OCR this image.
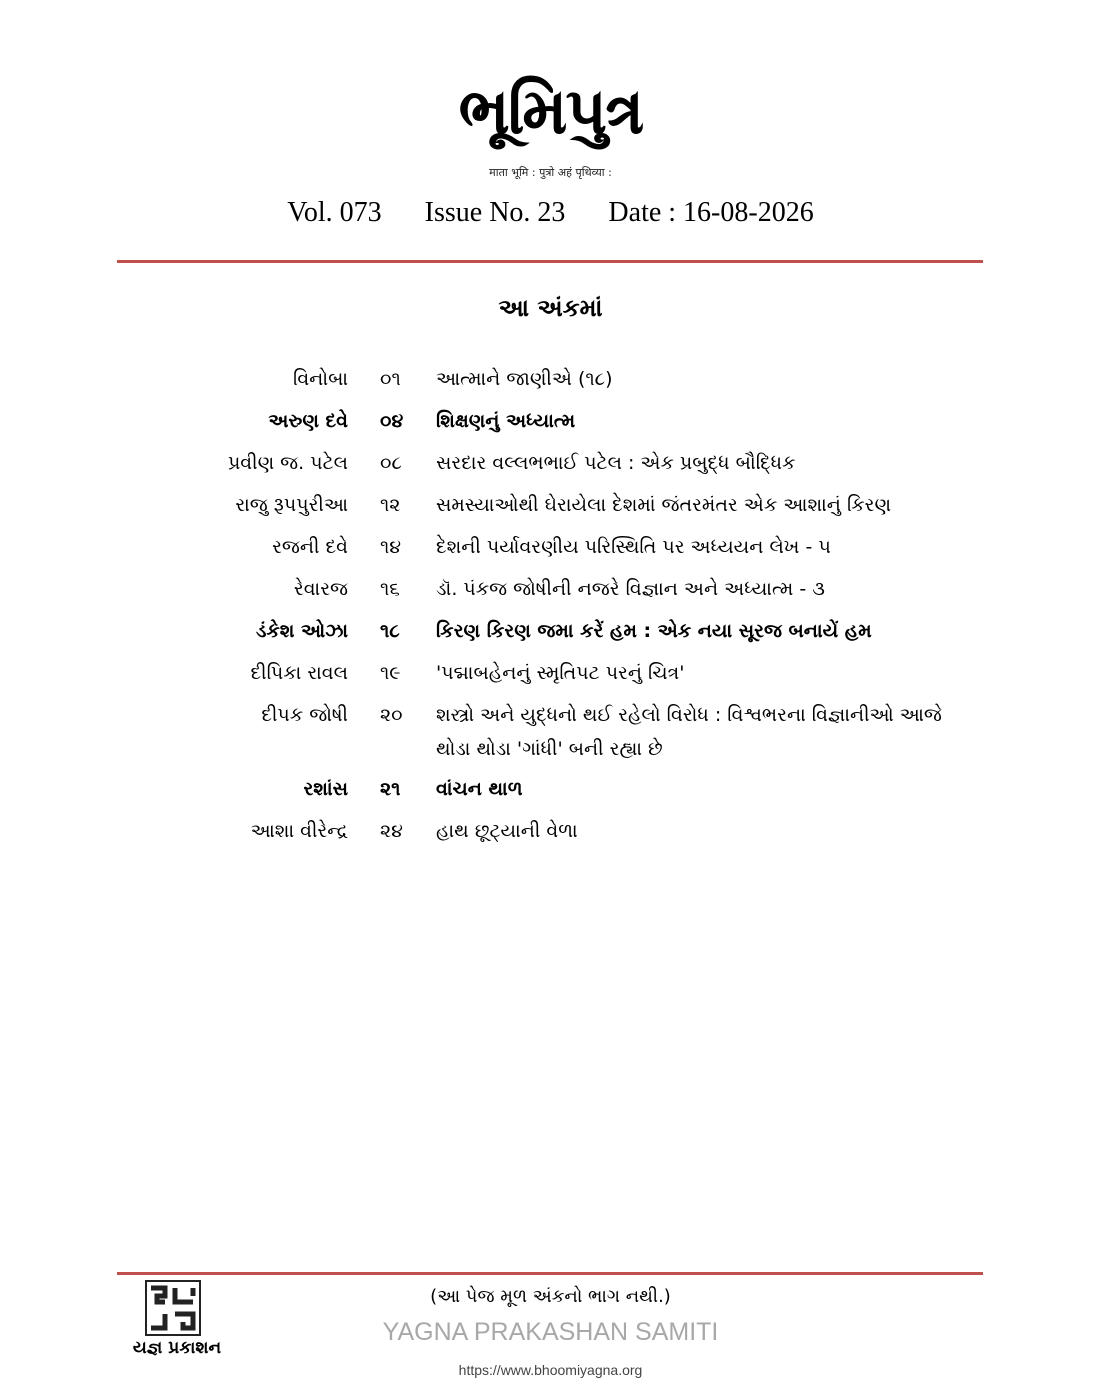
ભૂમિપુત્ર
माता भूमि : पुत्रो अहं पृथिव्या :
Vol. 073 Issue No. 23 Date : 16-08-2026
આ અંકમાં
વિનોબા ૦૧	આત્માને જાણીએ (૧૮)
અરુણ દવે ૦૪	શિક્ષણનું અધ્યાત્મ
પ્રવીણ જ. પટેલ ૦૮	સરદાર વલ્લભભાઈ પટેલ : એક પ્રબુદ્ધ બૌદ્ધિક
રાજુ રૂપપુરીઆ ૧૨	સમસ્યાઓથી ઘેરાયેલા દેશમાં જંતરમંતર એક આશાનું કિરણ
રજની દવે ૧૪	દેશની પર્યાવરણીય પરિસ્થિતિ પર અધ્યયન લેખ - ૫
રેવારજ ૧૬	ડૉ. પંકજ જોષીની નજરે વિજ્ઞાન અને અધ્યાત્મ - ૩
ડંકેશ ઓઝા ૧૮	કિરણ કિરણ જમા કરેં હમ : એક નયા સૂરજ બનાયેં હમ
દીપિકા રાવલ ૧૯	'પદ્માબહેનનું સ્મૃતિપટ પરનું ચિત્ર'
દીપક જોષી ૨૦	શસ્ત્રો અને યુદ્ધનો થઈ રહેલો વિરોધ : વિશ્વભરના વિજ્ઞાનીઓ આજે થોડા થોડા 'ગાંધી' બની રહ્યા છે
રશાંસ ૨૧	વાંચન થાળ
આશા વીરેન્દ્ર ૨૪	હાથ છૂટ્યાની વેળા
યજ્ઞ પ્રકાશન
(આ પેજ મૂળ અંકનો ભાગ નથી.)
YAGNA PRAKASHAN SAMITI
https://www.bhoomiyagna.org
